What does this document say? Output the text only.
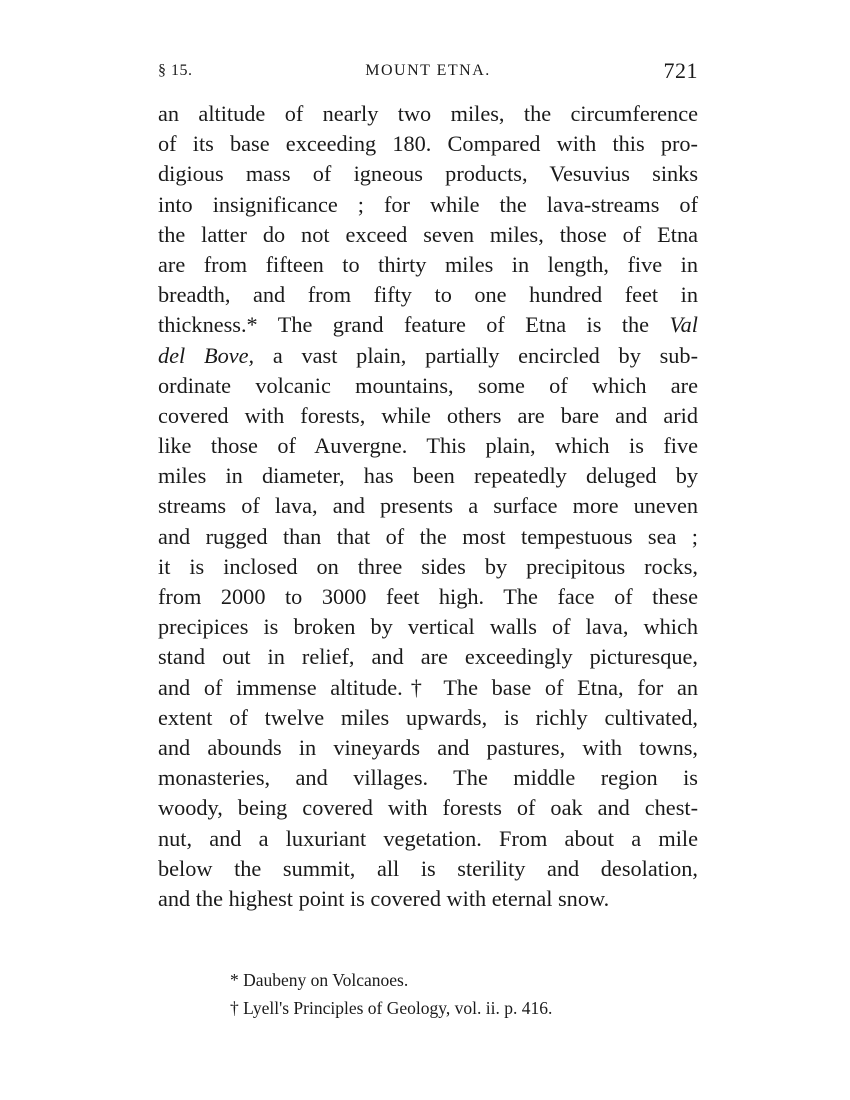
§ 15.	MOUNT ETNA.	721
an altitude of nearly two miles, the circumference
of its base exceeding 180. Compared with this pro-
digious mass of igneous products, Vesuvius sinks
into insignificance ; for while the lava-streams of
the latter do not exceed seven miles, those of Etna
are from fifteen to thirty miles in length, five in
breadth, and from fifty to one hundred feet in
thickness.* The grand feature of Etna is the Val
del Bove, a vast plain, partially encircled by sub-
ordinate volcanic mountains, some of which are
covered with forests, while others are bare and arid
like those of Auvergne. This plain, which is five
miles in diameter, has been repeatedly deluged by
streams of lava, and presents a surface more uneven
and rugged than that of the most tempestuous sea ;
it is inclosed on three sides by precipitous rocks,
from 2000 to 3000 feet high. The face of these
precipices is broken by vertical walls of lava, which
stand out in relief, and are exceedingly picturesque,
and of immense altitude.† The base of Etna, for an
extent of twelve miles upwards, is richly cultivated,
and abounds in vineyards and pastures, with towns,
monasteries, and villages. The middle region is
woody, being covered with forests of oak and chest-
nut, and a luxuriant vegetation. From about a mile
below the summit, all is sterility and desolation,
and the highest point is covered with eternal snow.
* Daubeny on Volcanoes.
† Lyell's Principles of Geology, vol. ii. p. 416.
